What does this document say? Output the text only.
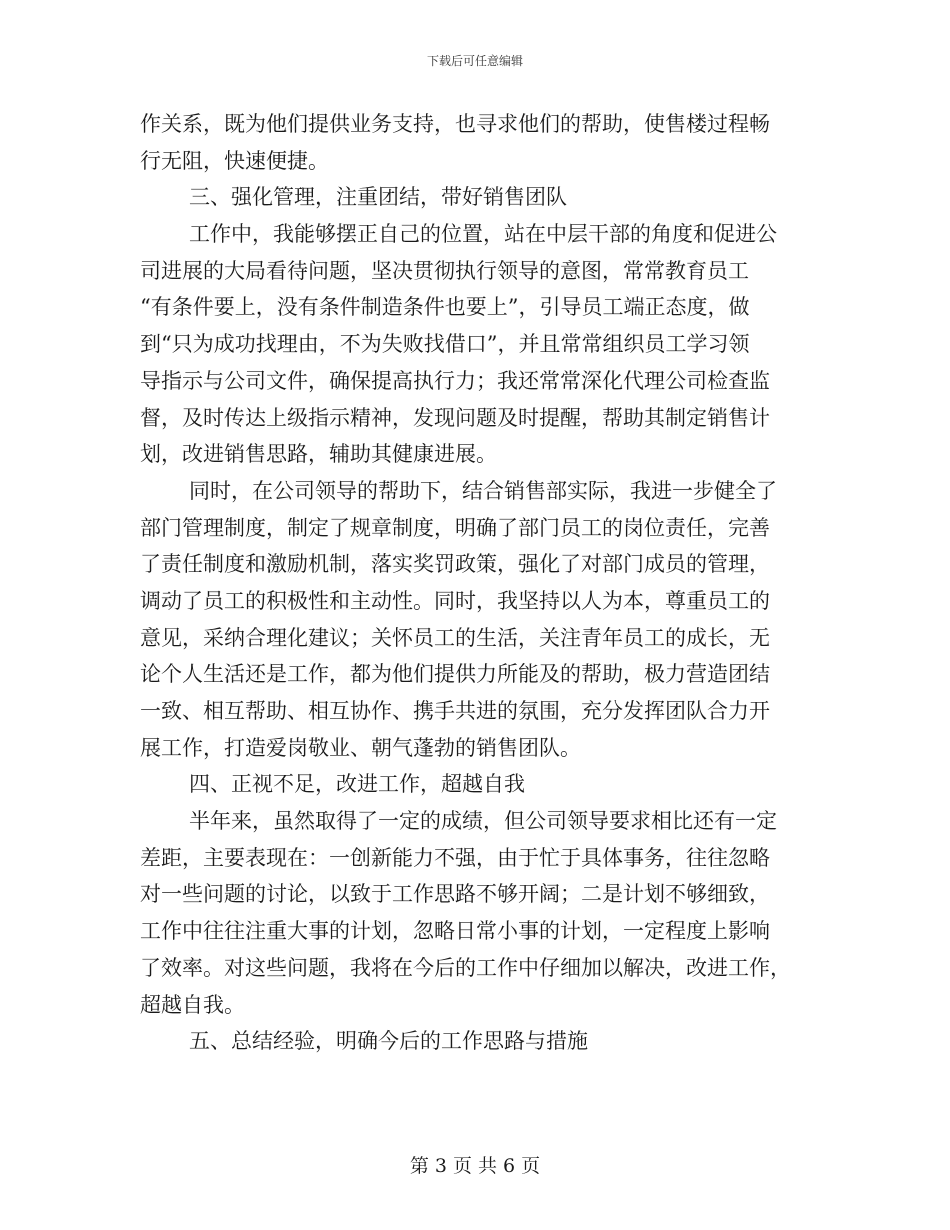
下载后可任意编辑
作关系，既为他们提供业务支持，也寻求他们的帮助，使售楼过程畅
行无阻，快速便捷。
三、强化管理，注重团结，带好销售团队
工作中，我能够摆正自己的位置，站在中层干部的角度和促进公
司进展的大局看待问题，坚决贯彻执行领导的意图，常常教育员工
“有条件要上，没有条件制造条件也要上”，引导员工端正态度，做
到“只为成功找理由，不为失败找借口”，并且常常组织员工学习领
导指示与公司文件，确保提高执行力；我还常常深化代理公司检查监
督，及时传达上级指示精神，发现问题及时提醒，帮助其制定销售计
划，改进销售思路，辅助其健康进展。
同时，在公司领导的帮助下，结合销售部实际，我进一步健全了
部门管理制度，制定了规章制度，明确了部门员工的岗位责任，完善
了责任制度和激励机制，落实奖罚政策，强化了对部门成员的管理，
调动了员工的积极性和主动性。同时，我坚持以人为本，尊重员工的
意见，采纳合理化建议；关怀员工的生活，关注青年员工的成长，无
论个人生活还是工作，都为他们提供力所能及的帮助，极力营造团结
一致、相互帮助、相互协作、携手共进的氛围，充分发挥团队合力开
展工作，打造爱岗敬业、朝气蓬勃的销售团队。
四、正视不足，改进工作，超越自我
半年来，虽然取得了一定的成绩，但公司领导要求相比还有一定
差距，主要表现在：一创新能力不强，由于忙于具体事务，往往忽略
对一些问题的讨论，以致于工作思路不够开阔；二是计划不够细致，
工作中往往注重大事的计划，忽略日常小事的计划，一定程度上影响
了效率。对这些问题，我将在今后的工作中仔细加以解决，改进工作，
超越自我。
五、总结经验，明确今后的工作思路与措施
第 3 页 共 6 页
